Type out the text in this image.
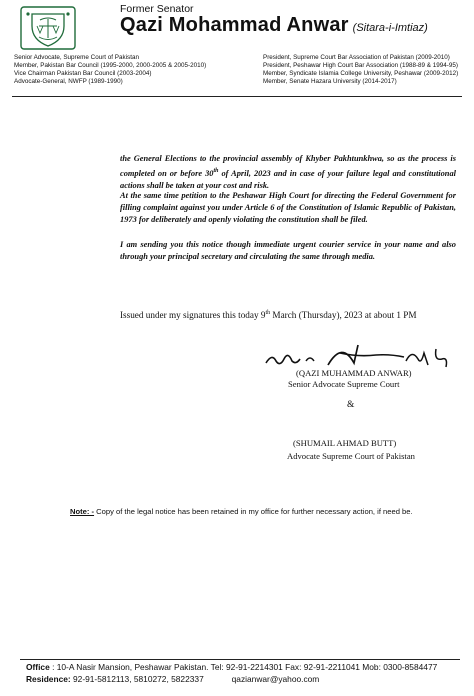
Former Senator
Qazi Mohammad Anwar (Sitara-i-Imtiaz)
Senior Advocate, Supreme Court of Pakistan
Member, Pakistan Bar Council (1995-2000, 2000-2005 & 2005-2010)
Vice Chairman Pakistan Bar Council (2003-2004)
Advocate-General, NWFP (1989-1990)
President, Supreme Court Bar Association of Pakistan (2009-2010)
President, Peshawar High Court Bar Association (1988-89 & 1994-95)
Member, Syndicate Islamia College University, Peshawar (2009-2012)
Member, Senate Hazara University (2014-2017)

the General Elections to the provincial assembly of Khyber Pakhtunkhwa, so as the process is completed on or before 30th of April, 2023 and in case of your failure legal and constitutional actions shall be taken at your cost and risk.

At the same time petition to the Peshawar High Court for directing the Federal Government for filling complaint against you under Article 6 of the Constitution of Islamic Republic of Pakistan, 1973 for deliberately and openly violating the constitution shall be filed.

I am sending you this notice though immediate urgent courier service in your name and also through your principal secretary and circulating the same through media.

Issued under my signatures this today 9th March (Thursday), 2023 at about 1 PM
(QAZI MUHAMMAD ANWAR)
Senior Advocate Supreme Court
&
(SHUMAIL AHMAD BUTT)
Advocate Supreme Court of Pakistan
Note: - Copy of the legal notice has been retained in my office for further necessary action, if need be.
Office : 10-A Nasir Mansion, Peshawar Pakistan. Tel: 92-91-2214301 Fax: 92-91-2211041 Mob: 0300-8584477
Residence: 92-91-5812113, 5810272, 5822337            qazianwar@yahoo.com
